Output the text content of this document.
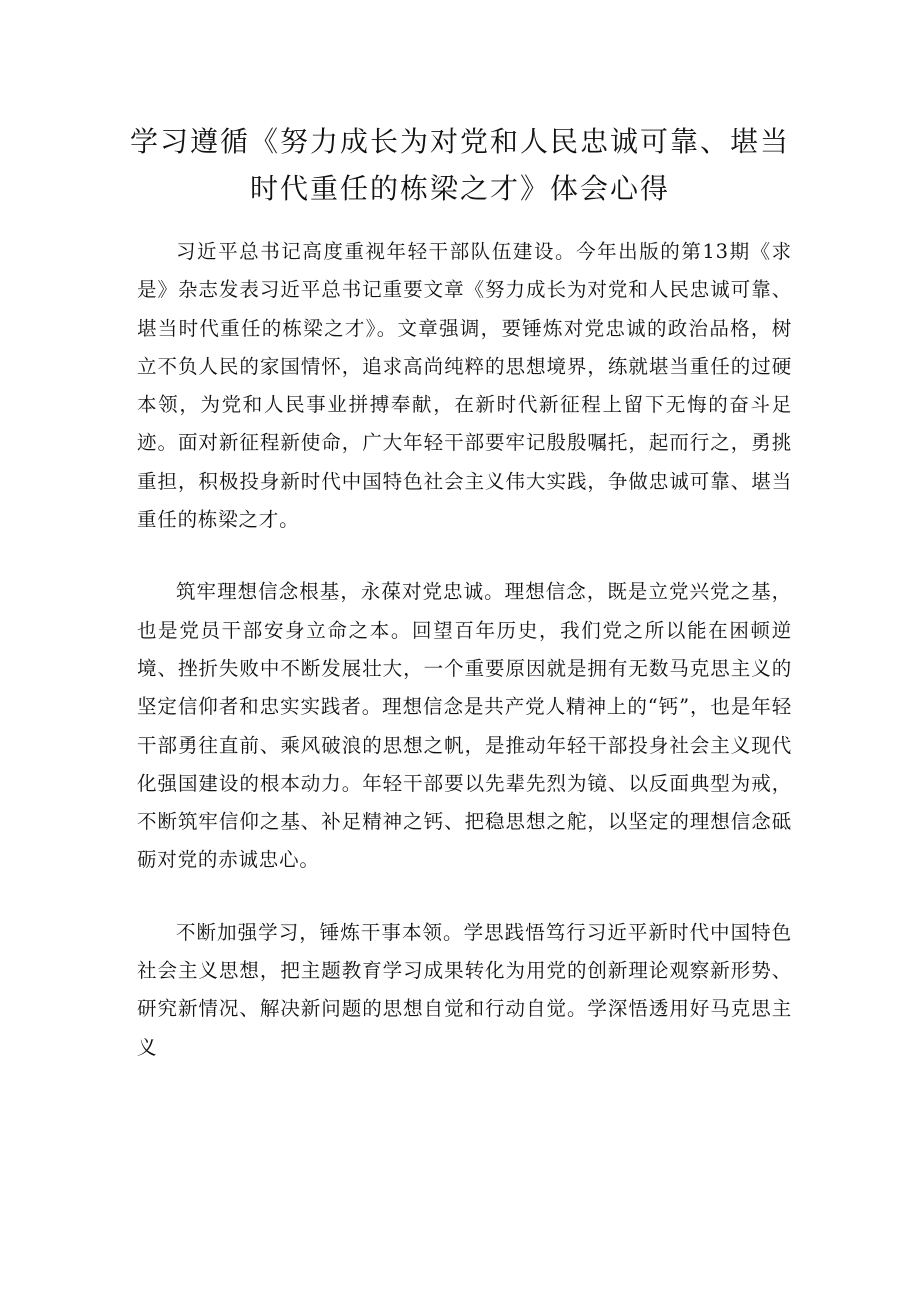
学习遵循《努力成长为对党和人民忠诚可靠、堪当
时代重任的栋梁之才》体会心得

习近平总书记高度重视年轻干部队伍建设。今年出版的第13期《求是》杂志发表习近平总书记重要文章《努力成长为对党和人民忠诚可靠、堪当时代重任的栋梁之才》。文章强调，要锤炼对党忠诚的政治品格，树立不负人民的家国情怀，追求高尚纯粹的思想境界，练就堪当重任的过硬本领，为党和人民事业拼搏奉献，在新时代新征程上留下无悔的奋斗足迹。面对新征程新使命，广大年轻干部要牢记殷殷嘱托，起而行之，勇挑重担，积极投身新时代中国特色社会主义伟大实践，争做忠诚可靠、堪当重任的栋梁之才。

筑牢理想信念根基，永葆对党忠诚。理想信念，既是立党兴党之基，也是党员干部安身立命之本。回望百年历史，我们党之所以能在困顿逆境、挫折失败中不断发展壮大，一个重要原因就是拥有无数马克思主义的坚定信仰者和忠实实践者。理想信念是共产党人精神上的“钙”，也是年轻干部勇往直前、乘风破浪的思想之帆，是推动年轻干部投身社会主义现代化强国建设的根本动力。年轻干部要以先辈先烈为镜、以反面典型为戒，不断筑牢信仰之基、补足精神之钙、把稳思想之舵，以坚定的理想信念砥砺对党的赤诚忠心。

不断加强学习，锤炼干事本领。学思践悟笃行习近平新时代中国特色社会主义思想，把主题教育学习成果转化为用党的创新理论观察新形势、研究新情况、解决新问题的思想自觉和行动自觉。学深悟透用好马克思主义
